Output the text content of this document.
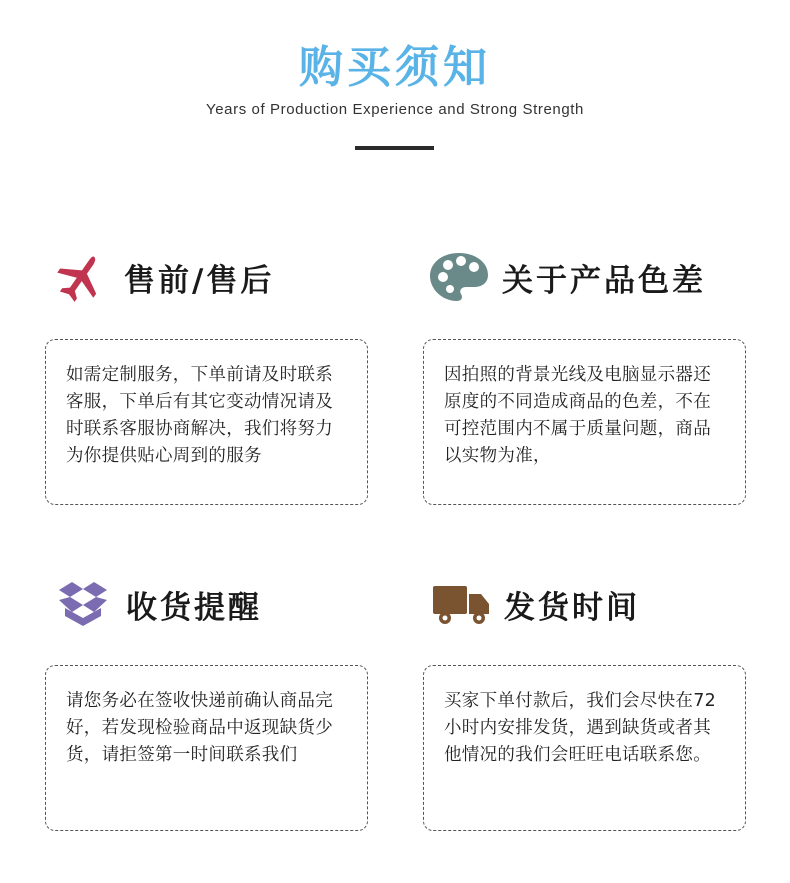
购买须知
Years of Production Experience and Strong Strength
售前/售后

如需定制服务，下单前请及时联系客服，下单后有其它变动情况请及时联系客服协商解决，我们将努力为你提供贴心周到的服务

关于产品色差

因拍照的背景光线及电脑显示器还原度的不同造成商品的色差，不在可控范围内不属于质量问题，商品以实物为准，

收货提醒

请您务必在签收快递前确认商品完好，若发现检验商品中返现缺货少货，请拒签第一时间联系我们

发货时间

买家下单付款后，我们会尽快在72小时内安排发货，遇到缺货或者其他情况的我们会旺旺电话联系您。
